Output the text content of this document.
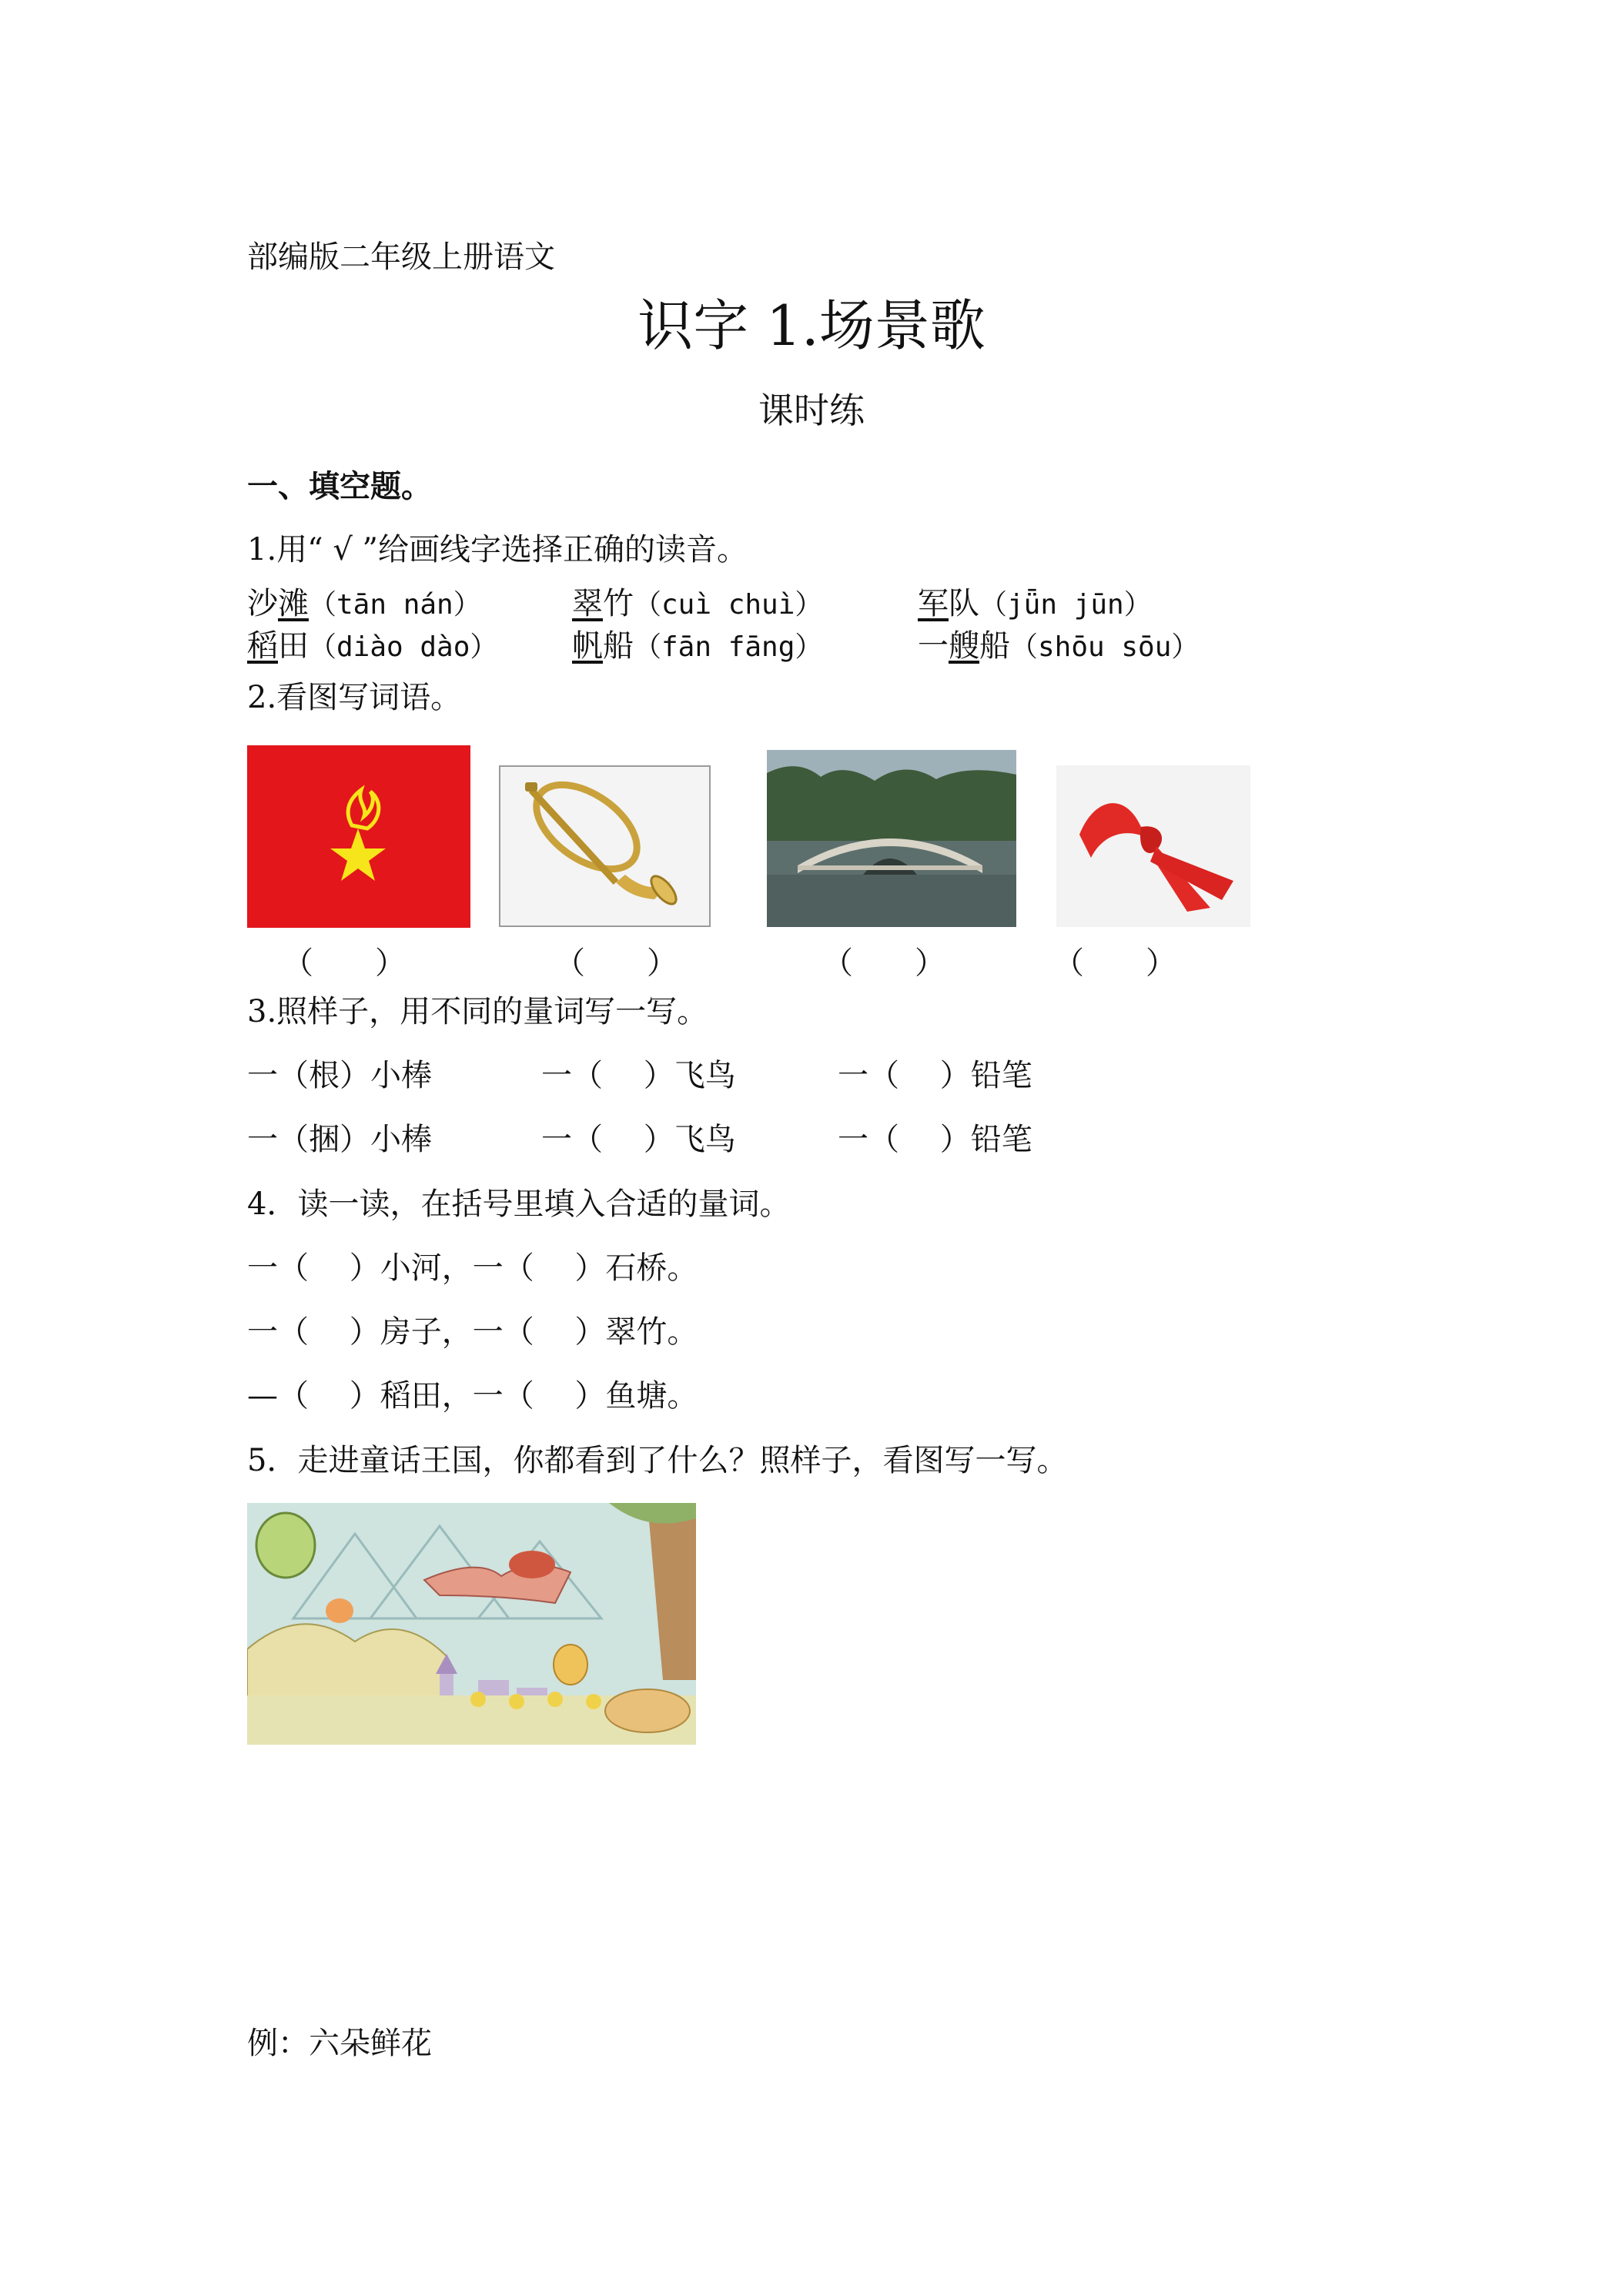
部编版二年级上册语文
识字 1.场景歌
课时练
一、填空题。
1.用“ √ ”给画线字选择正确的读音。
沙滩（tān nán）	翠竹（cuì chuì）	军队（jǖn jūn）
稻田（diào dào） 帆船（fān fāng）	一艘船（shōu sōu）
2.看图写词语。
（　　）	（　　）	（　　）	（　　）
3.照样子，用不同的量词写一写。
一（根）小棒	一（　 ）飞鸟	一（　 ）铅笔
一（捆）小棒	一（　 ）飞鸟	一（　 ）铅笔
4．读一读，在括号里填入合适的量词。
一（　 ）小河，一（　 ）石桥。
一（　 ）房子，一（　 ）翠竹。
—（　 ）稻田，一（　 ）鱼塘。
5．走进童话王国，你都看到了什么？照样子，看图写一写。
例：六朵鲜花
